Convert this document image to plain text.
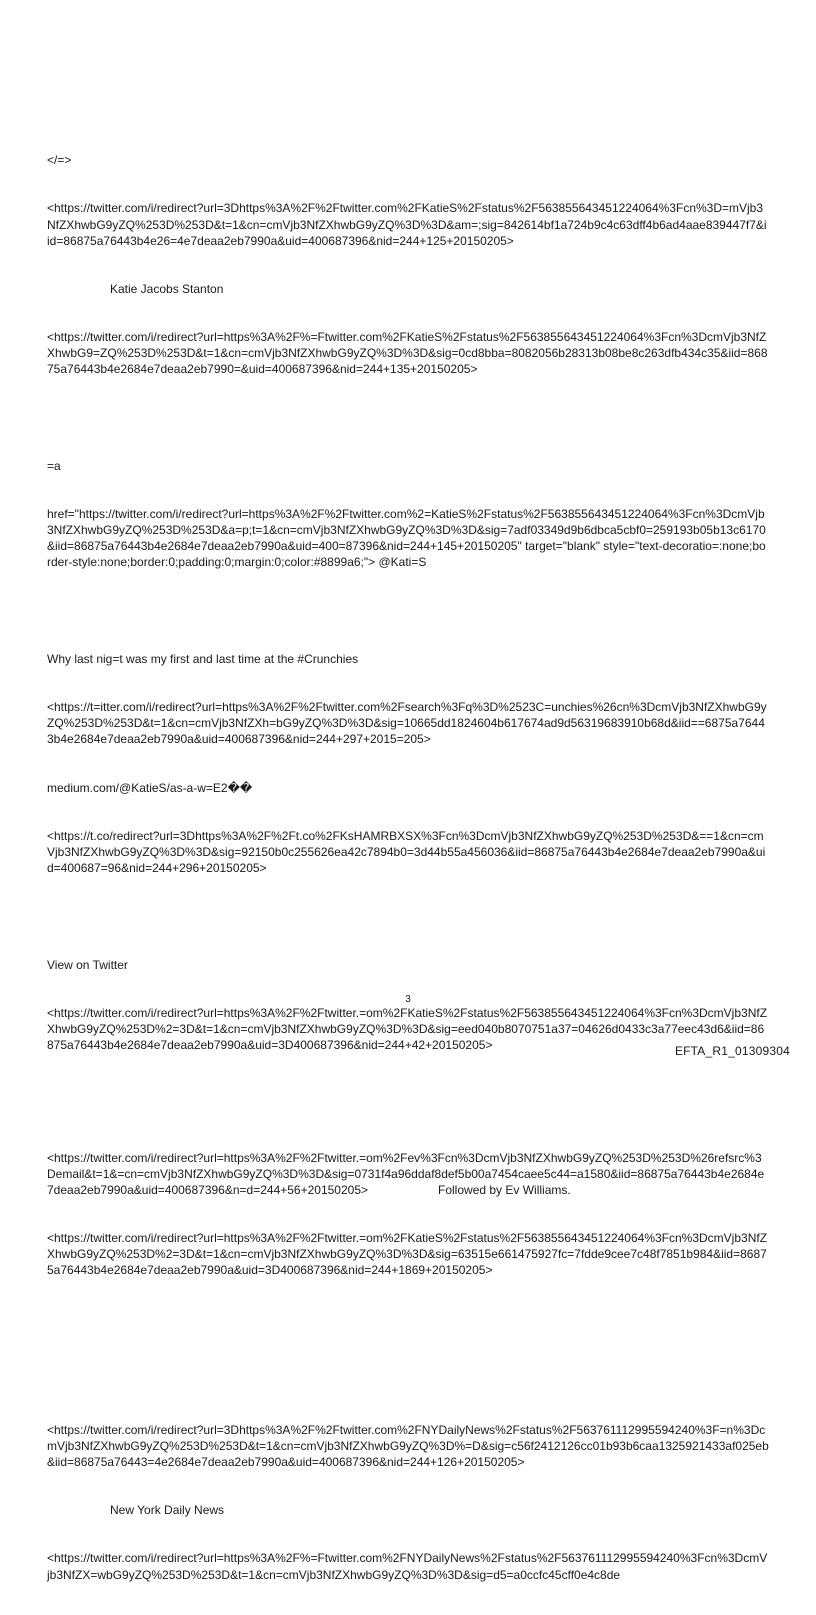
</=>

<https://twitter.com/i/redirect?url=3Dhttps%3A%2F%2Ftwitter.com%2FKatieS%2Fstatus%2F563855643451224064%3Fcn%3D=mVjb3NfZXhwbG9yZQ%253D%253D&t=1&cn=cmVjb3NfZXhwbG9yZQ%3D%3D&am=;sig=842614bf1a724b9c4c63dff4b6ad4aae839447f7&iid=86875a76443b4e26=4e7deaa2eb7990a&uid=400687396&nid=244+125+20150205>

Katie Jacobs Stanton

<https://twitter.com/i/redirect?url=https%3A%2F%=Ftwitter.com%2FKatieS%2Fstatus%2F563855643451224064%3Fcn%3DcmVjb3NfZXhwbG9=ZQ%253D%253D&t=1&cn=cmVjb3NfZXhwbG9yZQ%3D%3D&sig=0cd8bba=8082056b28313b08be8c263dfb434c35&iid=86875a76443b4e2684e7deaa2eb7990=&uid=400687396&nid=244+135+20150205>

=a

href="https://twitter.com/i/redirect?url=https%3A%2F%2Ftwitter.com%2=KatieS%2Fstatus%2F563855643451224064%3Fcn%3DcmVjb3NfZXhwbG9yZQ%253D%253D&a=p;t=1&cn=cmVjb3NfZXhwbG9yZQ%3D%3D&sig=7adf03349d9b6dbca5cbf0=259193b05b13c6170&iid=86875a76443b4e2684e7deaa2eb7990a&uid=400=87396&nid=244+145+20150205" target="blank" style="text-decoratio=:none;border-style:none;border:0;padding:0;margin:0;color:#8899a6;"> @Kati=S

Why last nig=t was my first and last time at the #Crunchies

<https://t=itter.com/i/redirect?url=https%3A%2F%2Ftwitter.com%2Fsearch%3Fq%3D%2523C=unchies%26cn%3DcmVjb3NfZXhwbG9yZQ%253D%253D&t=1&cn=cmVjb3NfZXh=bG9yZQ%3D%3D&sig=10665dd1824604b617674ad9d56319683910b68d&iid==6875a76443b4e2684e7deaa2eb7990a&uid=400687396&nid=244+297+2015=205>

medium.com/@KatieS/as-a-w=E2��

<https://t.co/redirect?url=3Dhttps%3A%2F%2Ft.co%2FKsHAMRBXSX%3Fcn%3DcmVjb3NfZXhwbG9yZQ%253D%253D&==1&cn=cmVjb3NfZXhwbG9yZQ%3D%3D&sig=92150b0c255626ea42c7894b0=3d44b55a456036&iid=86875a76443b4e2684e7deaa2eb7990a&uid=400687=96&nid=244+296+20150205>

View on Twitter

<https://twitter.com/i/redirect?url=https%3A%2F%2Ftwitter.=om%2FKatieS%2Fstatus%2F563855643451224064%3Fcn%3DcmVjb3NfZXhwbG9yZQ%253D%2=3D&t=1&cn=cmVjb3NfZXhwbG9yZQ%3D%3D&sig=eed040b8070751a37=04626d0433c3a77eec43d6&iid=86875a76443b4e2684e7deaa2eb7990a&uid=3D400687396&nid=244+42+20150205>

<https://twitter.com/i/redirect?url=https%3A%2F%2Ftwitter.=om%2Fev%3Fcn%3DcmVjb3NfZXhwbG9yZQ%253D%253D%26refsrc%3Demail&t=1&=cn=cmVjb3NfZXhwbG9yZQ%3D%3D&sig=0731f4a96ddaf8def5b00a7454caee5c44=a1580&iid=86875a76443b4e2684e7deaa2eb7990a&uid=400687396&n=d=244+56+20150205>                     Followed by Ev Williams.

<https://twitter.com/i/redirect?url=https%3A%2F%2Ftwitter.=om%2FKatieS%2Fstatus%2F563855643451224064%3Fcn%3DcmVjb3NfZXhwbG9yZQ%253D%2=3D&t=1&cn=cmVjb3NfZXhwbG9yZQ%3D%3D&sig=63515e661475927fc=7fdde9cee7c48f7851b984&iid=86875a76443b4e2684e7deaa2eb7990a&uid=3D400687396&nid=244+1869+20150205>

<https://twitter.com/i/redirect?url=3Dhttps%3A%2F%2Ftwitter.com%2FNYDailyNews%2Fstatus%2F563761112995594240%3F=n%3DcmVjb3NfZXhwbG9yZQ%253D%253D&t=1&cn=cmVjb3NfZXhwbG9yZQ%3D%=D&sig=c56f2412126cc01b93b6caa1325921433af025eb&iid=86875a76443=4e2684e7deaa2eb7990a&uid=400687396&nid=244+126+20150205>

New York Daily News

<https://twitter.com/i/redirect?url=https%3A%2F%=Ftwitter.com%2FNYDailyNews%2Fstatus%2F563761112995594240%3Fcn%3DcmVjb3NfZX=wbG9yZQ%253D%253D&t=1&cn=cmVjb3NfZXhwbG9yZQ%3D%3D&sig=d5=a0ccfc45cff0e4c8de

3
EFTA_R1_01309304
